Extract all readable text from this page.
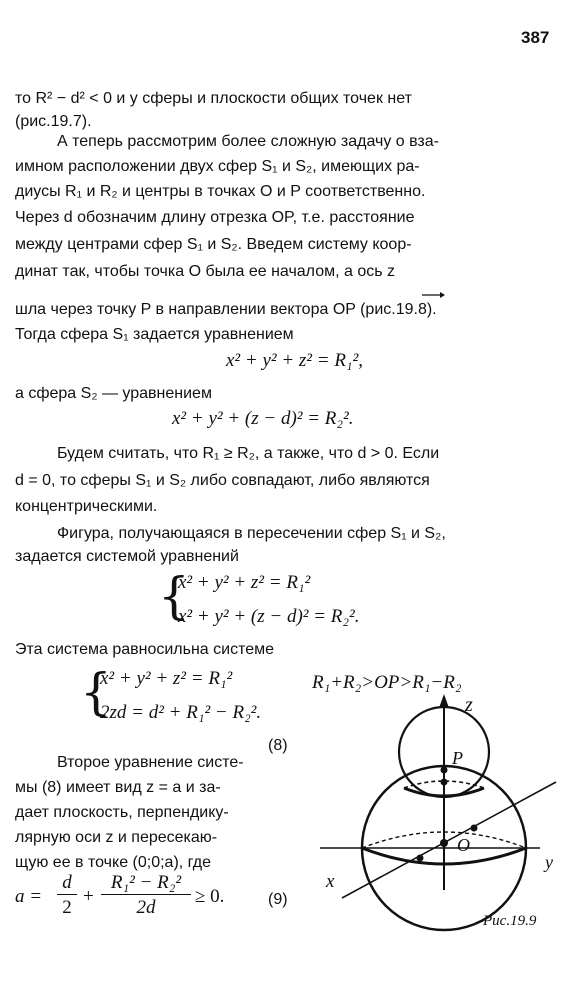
387
то R² − d² < 0 и у сферы и плоскости общих точек нет
(рис.19.7).
А теперь рассмотрим более сложную задачу о вза-
имном расположении двух сфер S₁ и S₂, имеющих ра-
диусы R₁ и R₂ и центры в точках O и P соответственно.
Через d обозначим длину отрезка OP, т.е. расстояние
между центрами сфер S₁ и S₂. Введем систему коор-
динат так, чтобы точка O была ее началом, а ось z
шла через точку P в направлении вектора OP (рис.19.8).
Тогда сфера S₁ задается уравнением
x² + y² + z² = R₁²,
а сфера S₂ — уравнением
x² + y² + (z − d)² = R₂².
Будем считать, что R₁ ≥ R₂, а также, что d > 0. Если
d = 0, то сферы S₁ и S₂ либо совпадают, либо являются
концентрическими.
Фигура, получающаяся в пересечении сфер S₁ и S₂,
задается системой уравнений
{
x² + y² + z² = R₁²
x² + y² + (z − d)² = R₂².
Эта система равносильна системе
{
x² + y² + z² = R₁²
2zd = d² + R₁² − R₂².
(8)
Второе уравнение систе-
мы (8) имеет вид z = a и за-
дает плоскость, перпендику-
лярную оси z и пересекаю-
щую ее в точке (0;0;a), где
a =
d
2
+
R₁² − R₂²
2d
≥ 0.	(9)
R₁+R₂>OP>R₁−R₂
z
P
O
y
x
Рис.19.9
